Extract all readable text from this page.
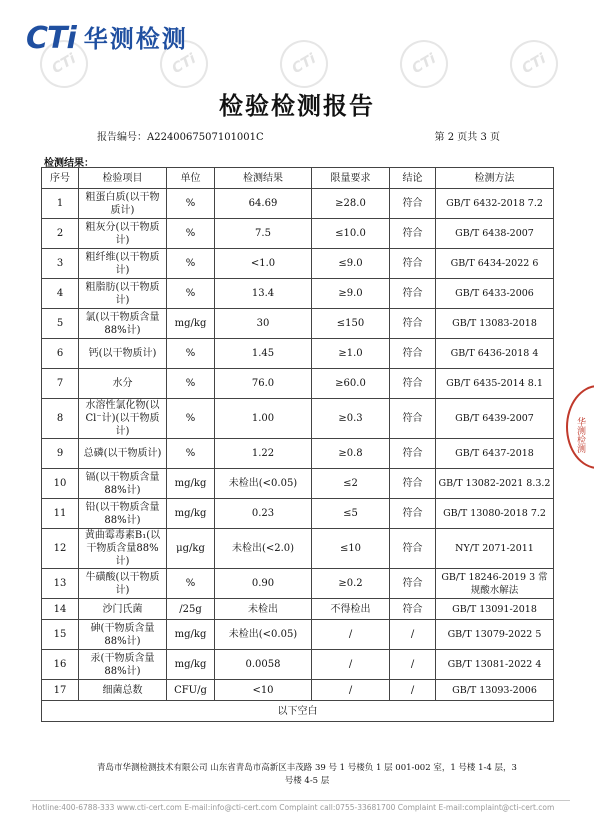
CTi	CTi	CTi	CTi	CTi
CTi 华测检测
检验检测报告
报告编号：A2240067507101001C	第 2 页共 3 页
检测结果：
序号	检验项目	单位	检测结果	限量要求	结论	检测方法
1	粗蛋白质(以干物质计)	%	64.69	≥28.0	符合	GB/T 6432-2018 7.2
2	粗灰分(以干物质计)	%	7.5	≤10.0	符合	GB/T 6438-2007
3	粗纤维(以干物质计)	%	<1.0	≤9.0	符合	GB/T 6434-2022 6
4	粗脂肪(以干物质计)	%	13.4	≥9.0	符合	GB/T 6433-2006
5	氯(以干物质含量88%计)	mg/kg	30	≤150	符合	GB/T 13083-2018
6	钙(以干物质计)	%	1.45	≥1.0	符合	GB/T 6436-2018 4
7	水分	%	76.0	≥60.0	符合	GB/T 6435-2014 8.1
8	水溶性氯化物(以Cl⁻计)(以干物质计)	%	1.00	≥0.3	符合	GB/T 6439-2007
9	总磷(以干物质计)	%	1.22	≥0.8	符合	GB/T 6437-2018
10	镉(以干物质含量88%计)	mg/kg	未检出(<0.05)	≤2	符合	GB/T 13082-2021 8.3.2
11	铅(以干物质含量88%计)	mg/kg	0.23	≤5	符合	GB/T 13080-2018 7.2
12	黄曲霉毒素B₁(以干物质含量88%计)	μg/kg	未检出(<2.0)	≤10	符合	NY/T 2071-2011
13	牛磺酸(以干物质计)	%	0.90	≥0.2	符合	GB/T 18246-2019 3 常规酸水解法
14	沙门氏菌	/25g	未检出	不得检出	符合	GB/T 13091-2018
15	砷(干物质含量88%计)	mg/kg	未检出(<0.05)	/	/	GB/T 13079-2022 5
16	汞(干物质含量88%计)	mg/kg	0.0058	/	/	GB/T 13081-2022 4
17	细菌总数	CFU/g	<10	/	/	GB/T 13093-2006
以下空白						
青岛市华测检测技术有限公司 山东省青岛市高新区丰茂路 39 号 1 号楼负 1 层 001-002 室，1 号楼 1-4 层，3 号楼 4-5 层
Hotline:400-6788-333 www.cti-cert.com E-mail:info@cti-cert.com Complaint call:0755-33681700 Complaint E-mail:complaint@cti-cert.com
华测检测
